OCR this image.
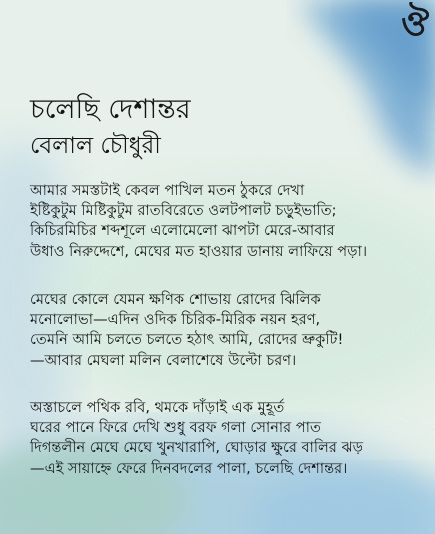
ঔ
চলেছি দেশান্তর
বেলাল চৌধুরী
আমার সমস্তটাই কেবল পাখিল মতন ঠুকরে দেখা
ইষ্টিকুটুম মিষ্টিকুটুম রাতবিরেতে ওলটপালট চড়ুইভাতি;
কিচিরমিচির শব্দশূলে এলোমেলো ঝাপটা মেরে-আবার
উধাও নিরুদ্দেশে, মেঘের মত হাওয়ার ডানায় লাফিয়ে পড়া।
মেঘের কোলে যেমন ক্ষণিক শোভায় রোদের ঝিলিক
মনোলোভা—এদিন ওদিক চিরিক-মিরিক নয়ন হরণ,
তেমনি আমি চলতে চলতে হঠাৎ আমি, রোদের ভ্রুকুটি!
—আবার মেঘলা মলিন বেলাশেষে উল্টো চরণ।
অস্তাচলে পথিক রবি, থমকে দাঁড়াই এক মুহূর্ত
ঘরের পানে ফিরে দেখি শুধু বরফ গলা সোনার পাত
দিগন্তলীন মেঘে মেঘে খুনখারাপি, ঘোড়ার ক্ষুরে বালির ঝড়
—এই সায়াহ্নে ফেরে দিনবদলের পালা, চলেছি দেশান্তর।
